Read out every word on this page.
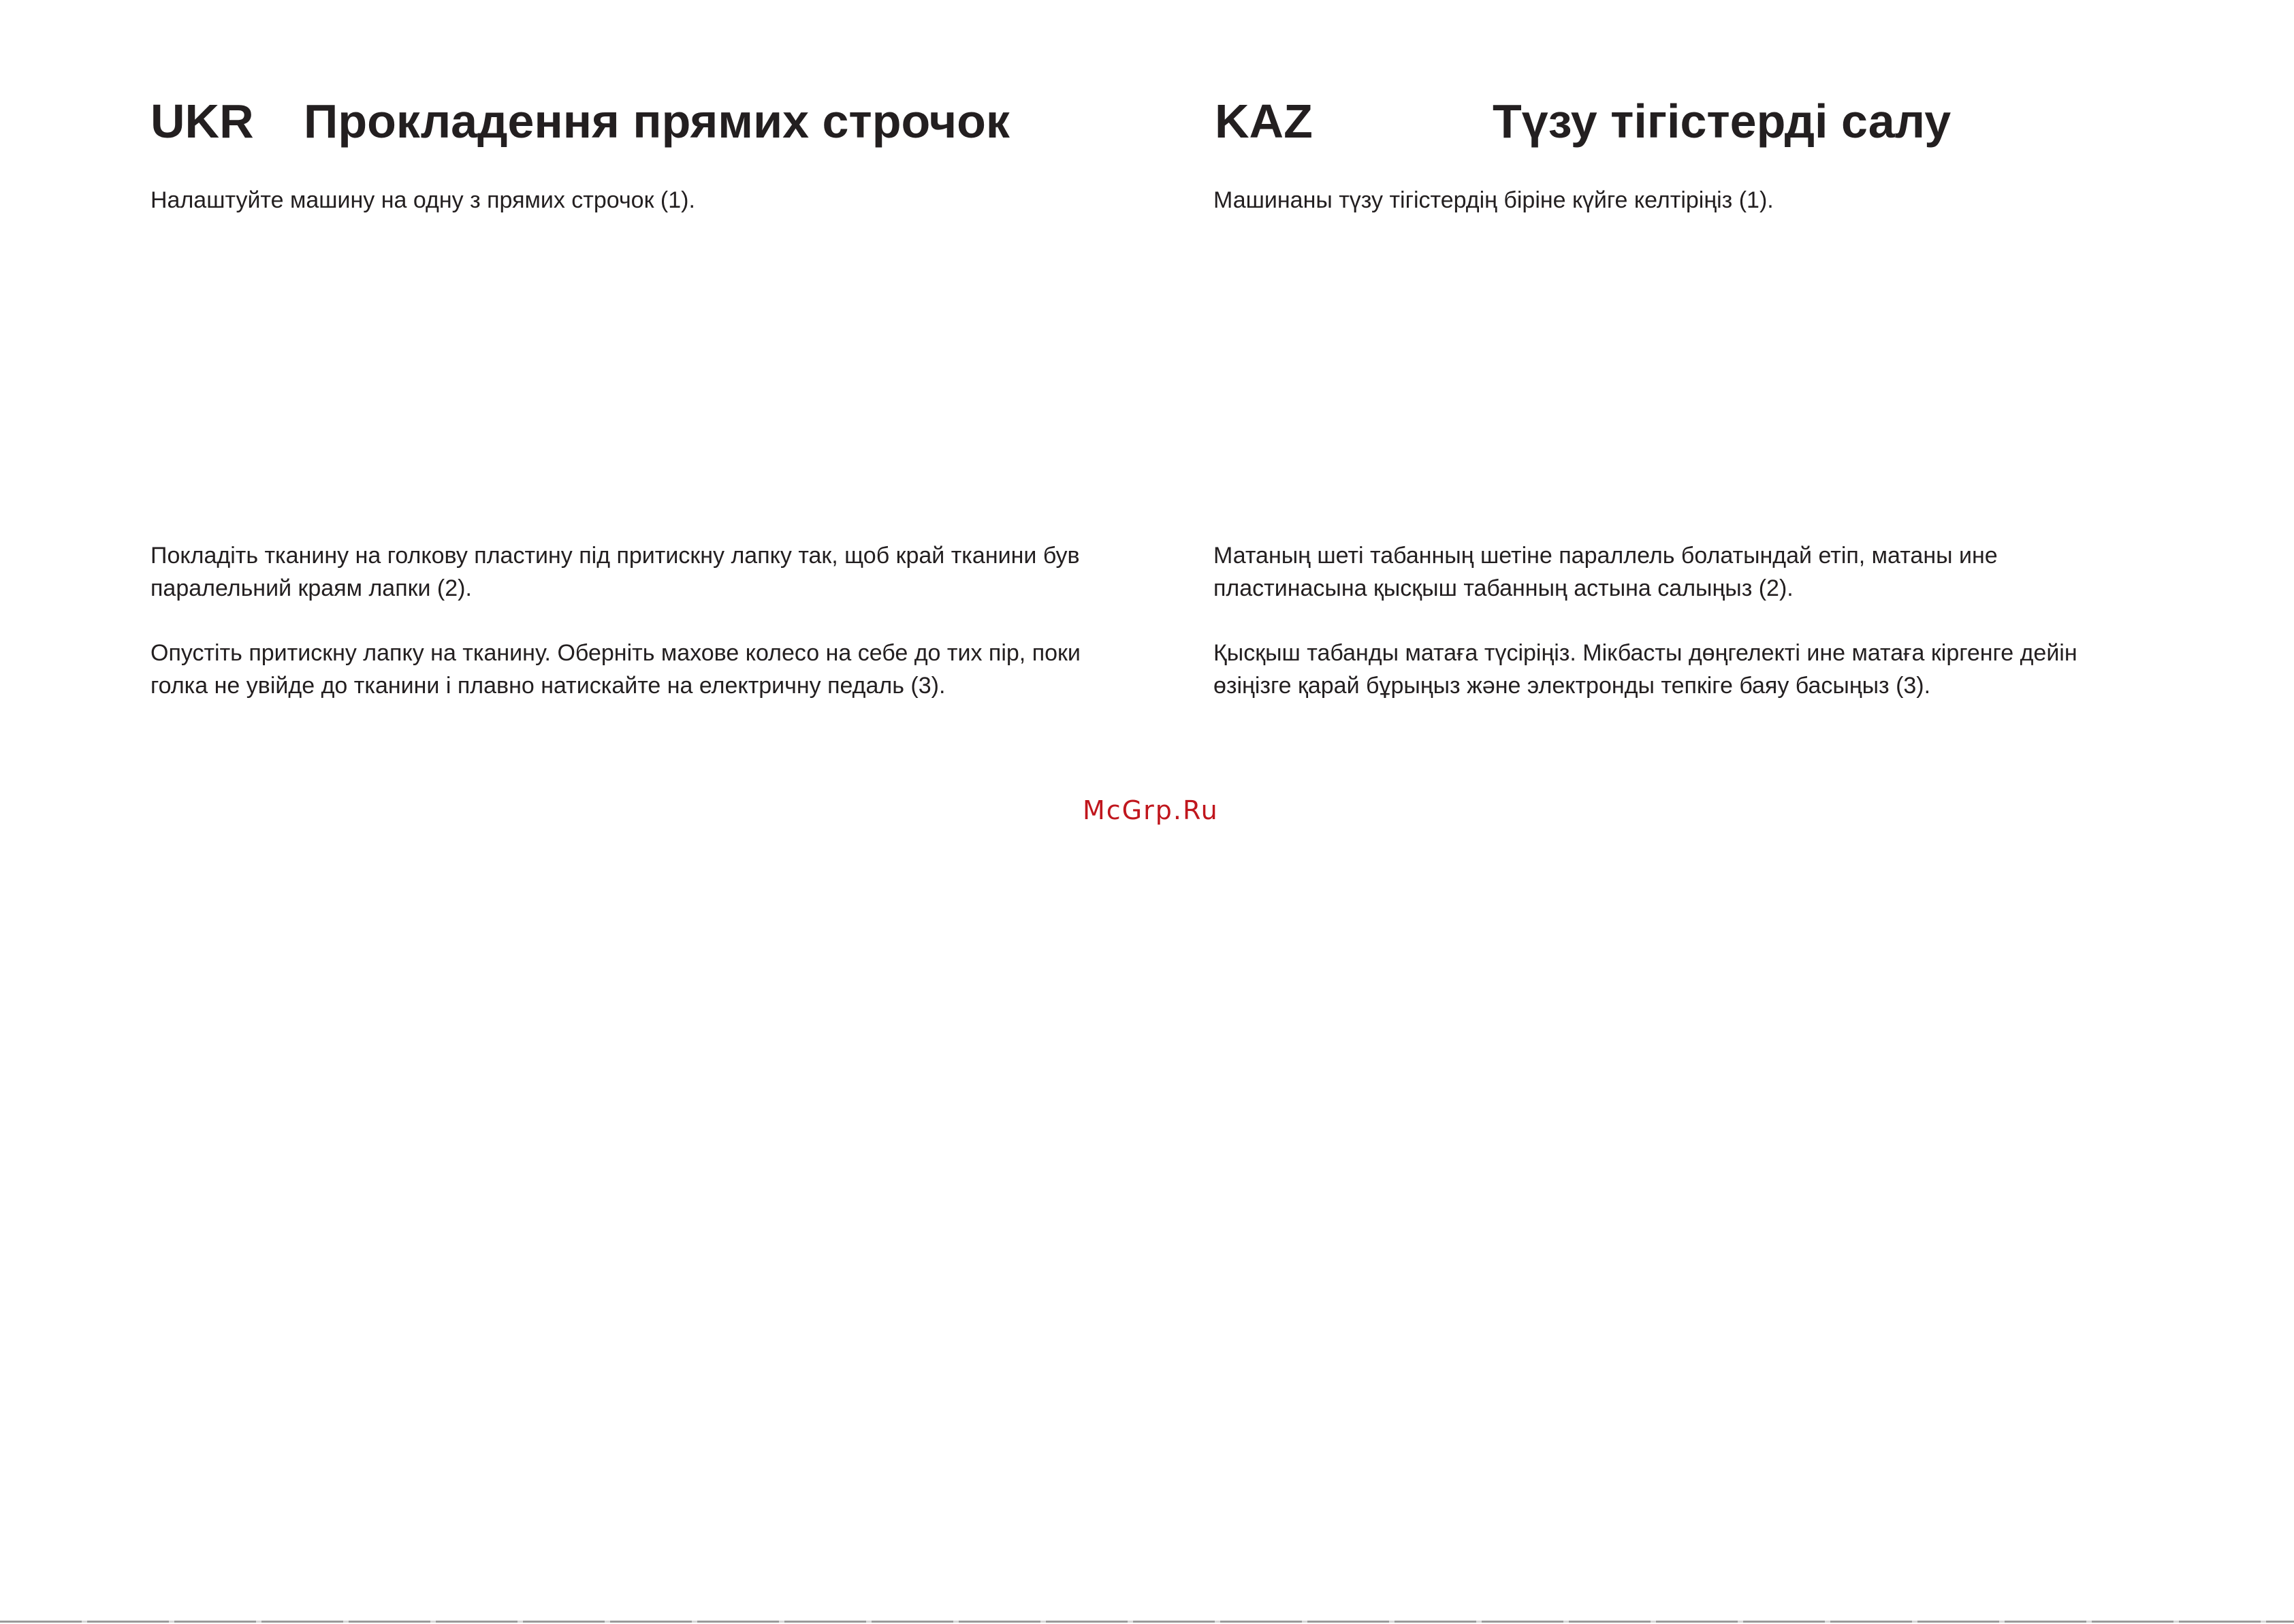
UKR Прокладення прямих строчок

Налаштуйте машину на одну з прямих строчок (1).

Покладіть тканину на голкову пластину під притискну лапку так, щоб край тканини був
паралельний краям лапки (2).

Опустіть притискну лапку на тканину. Оберніть махове колесо на себе до тих пір, поки
голка не увійде до тканини і плавно натискайте на електричну педаль (3).

KAZ	Түзу тігістерді салу

Машинаны түзу тігістердің біріне күйге келтіріңіз (1).

Матаның шеті табанның шетіне параллель болатындай етіп, матаны ине
пластинасына қысқыш табанның астына салыңыз (2).

Қысқыш табанды матаға түсіріңіз. Мікбасты дөңгелекті ине матаға кіргенге дейін
өзіңізге қарай бұрыңыз және электронды тепкіге баяу басыңыз (3).

McGrp.Ru
